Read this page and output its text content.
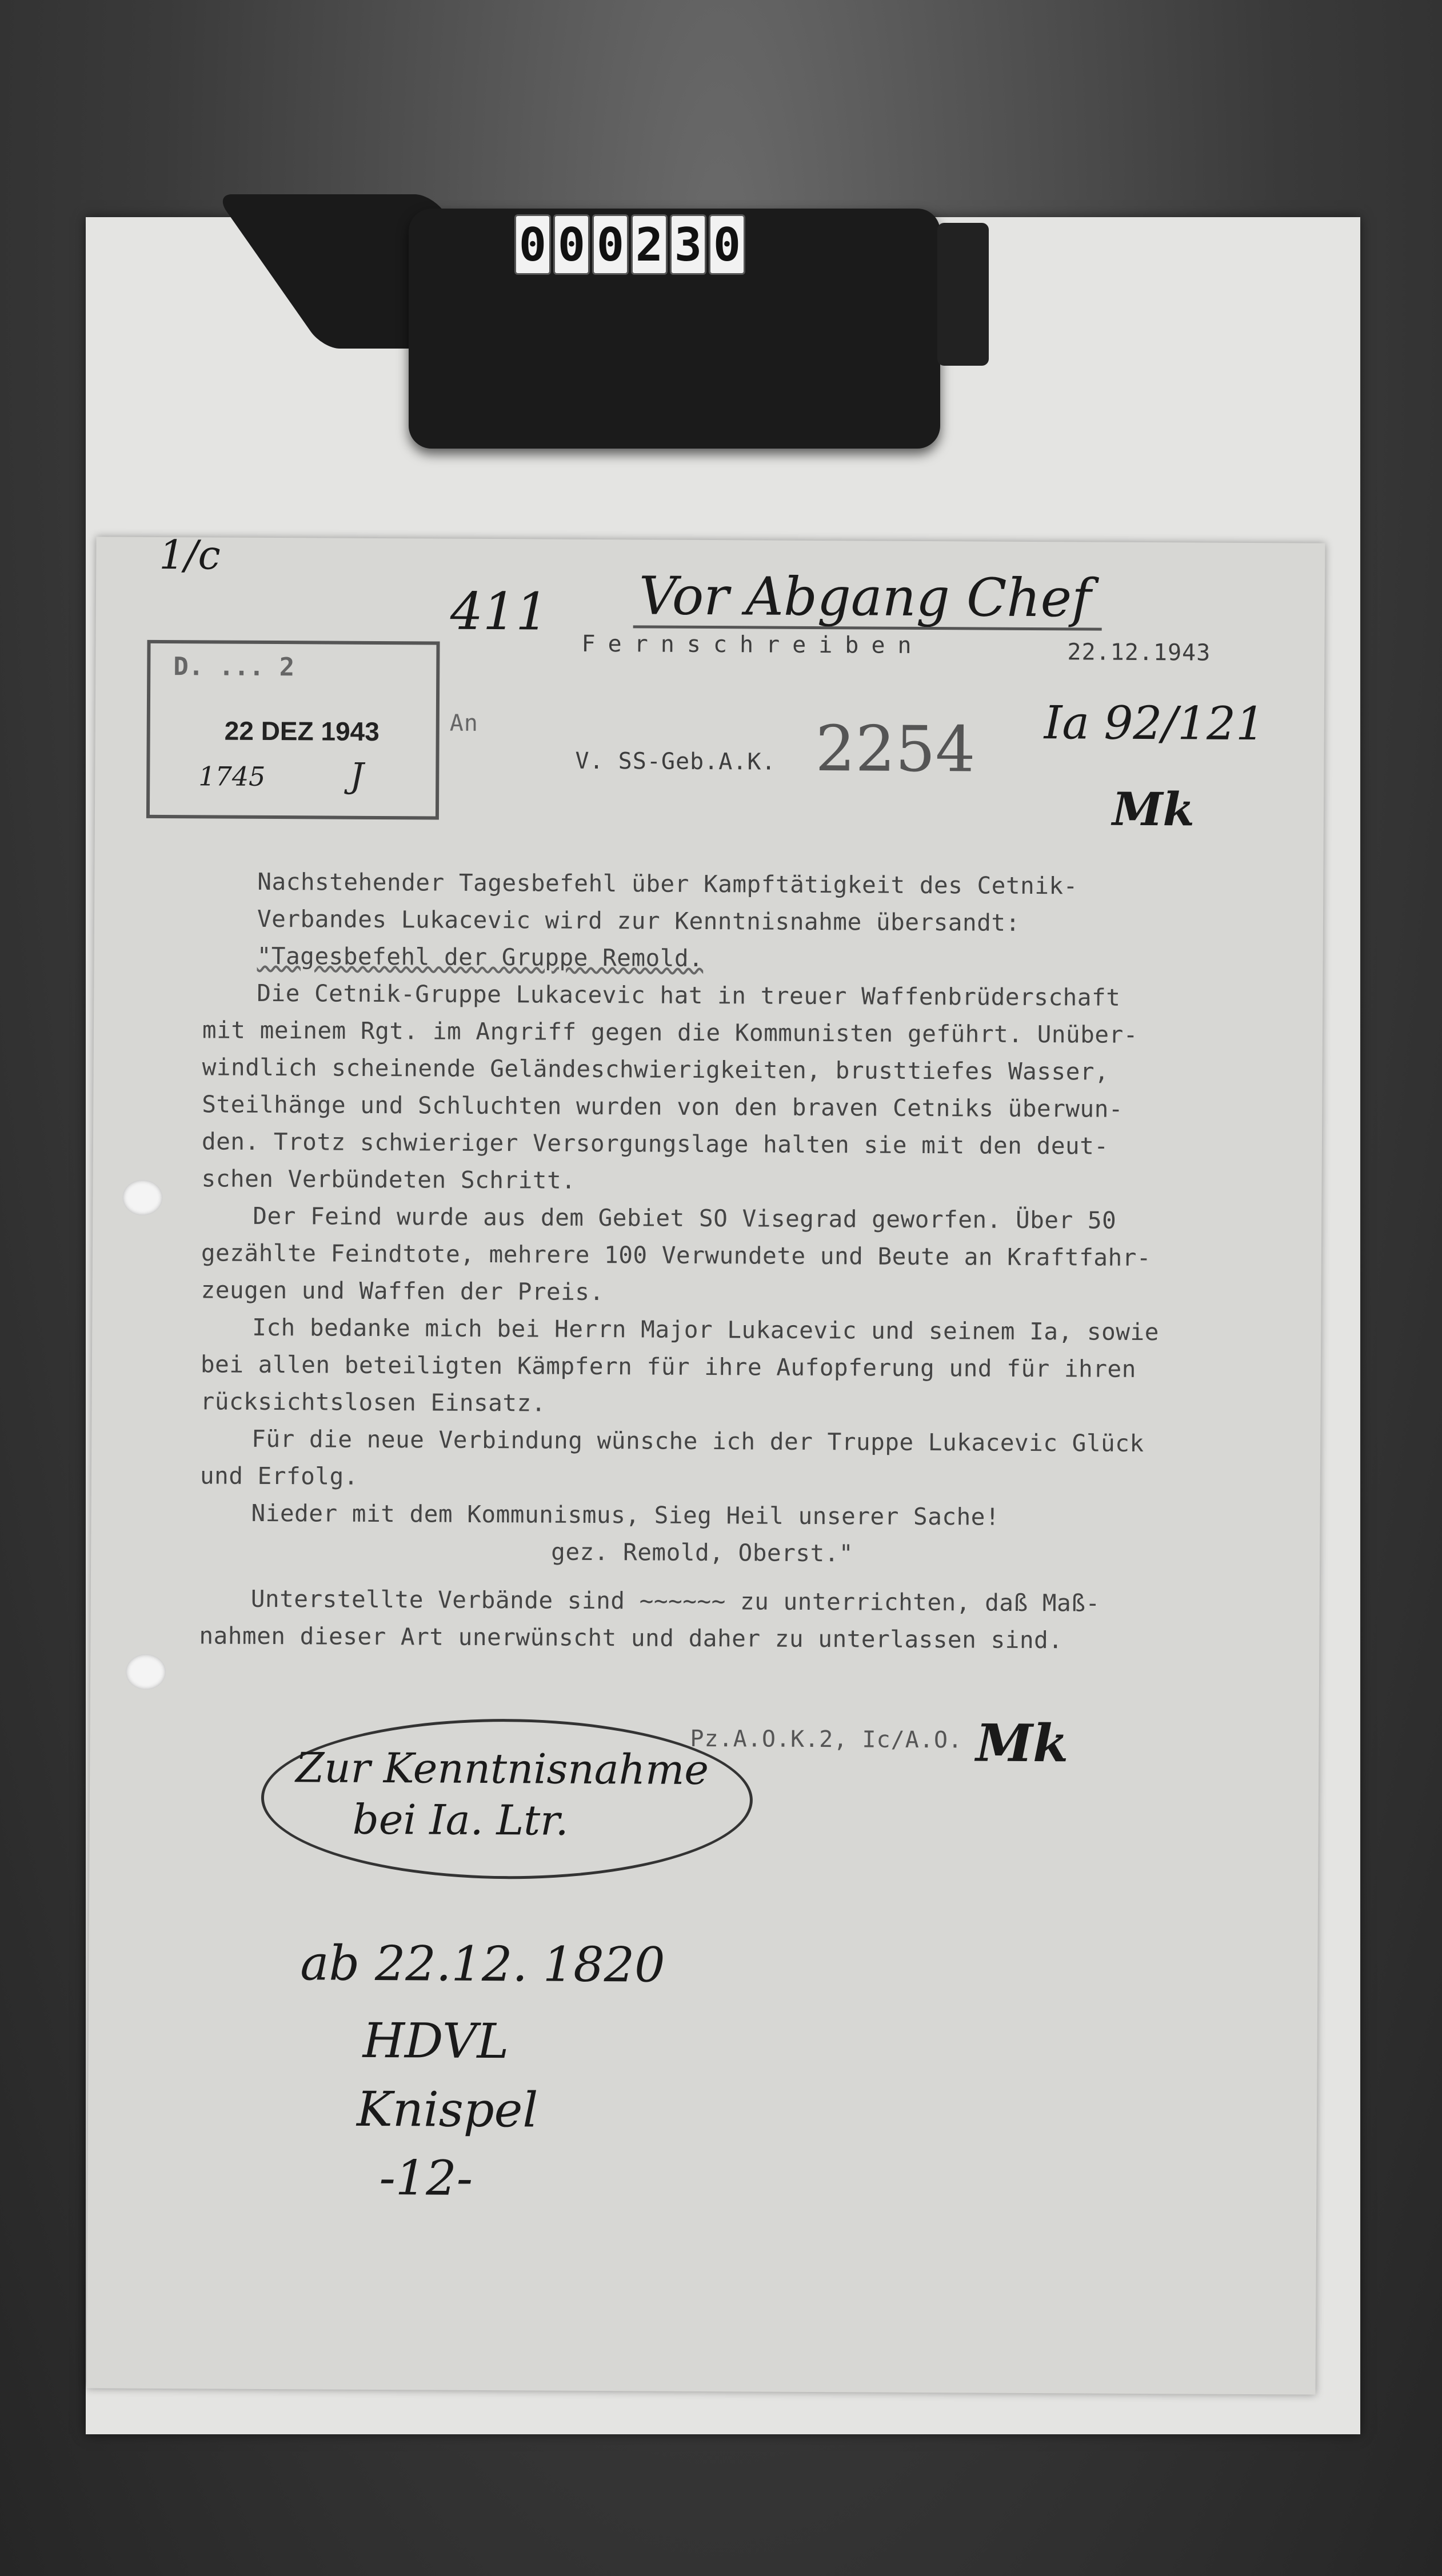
0 0 0 2 3 0
1/c
411 Vor Abgang Chef
Fernschreiben	22.12.1943
D. ... 2
22 DEZ 1943
1745 J
An
V. SS-Geb.A.K. 2254 Ia 92/121
Mk
Nachstehender Tagesbefehl über Kampftätigkeit des Cetnik-
Verbandes Lukacevic wird zur Kenntnisnahme übersandt:
"Tagesbefehl der Gruppe Remold.
Die Cetnik-Gruppe Lukacevic hat in treuer Waffenbrüderschaft
mit meinem Rgt. im Angriff gegen die Kommunisten geführt. Unüber-
windlich scheinende Geländeschwierigkeiten, brusttiefes Wasser,
Steilhänge und Schluchten wurden von den braven Cetniks überwun-
den. Trotz schwieriger Versorgungslage halten sie mit den deut-
schen Verbündeten Schritt.
Der Feind wurde aus dem Gebiet SO Visegrad geworfen. Über 50
gezählte Feindtote, mehrere 100 Verwundete und Beute an Kraftfahr-
zeugen und Waffen der Preis.
Ich bedanke mich bei Herrn Major Lukacevic und seinem Ia, sowie
bei allen beteiligten Kämpfern für ihre Aufopferung und für ihren
rücksichtslosen Einsatz.
Für die neue Verbindung wünsche ich der Truppe Lukacevic Glück
und Erfolg.
Nieder mit dem Kommunismus, Sieg Heil unserer Sache!
gez. Remold, Oberst."
Unterstellte Verbände sind ~~~~~~ zu unterrichten, daß Maß-
nahmen dieser Art unerwünscht und daher zu unterlassen sind.
Pz.A.O.K.2, Ic/A.O. Mk
Zur Kenntnisnahme
bei Ia. Ltr.
ab 22.12. 1820
HDVL
Knispel
-12-
